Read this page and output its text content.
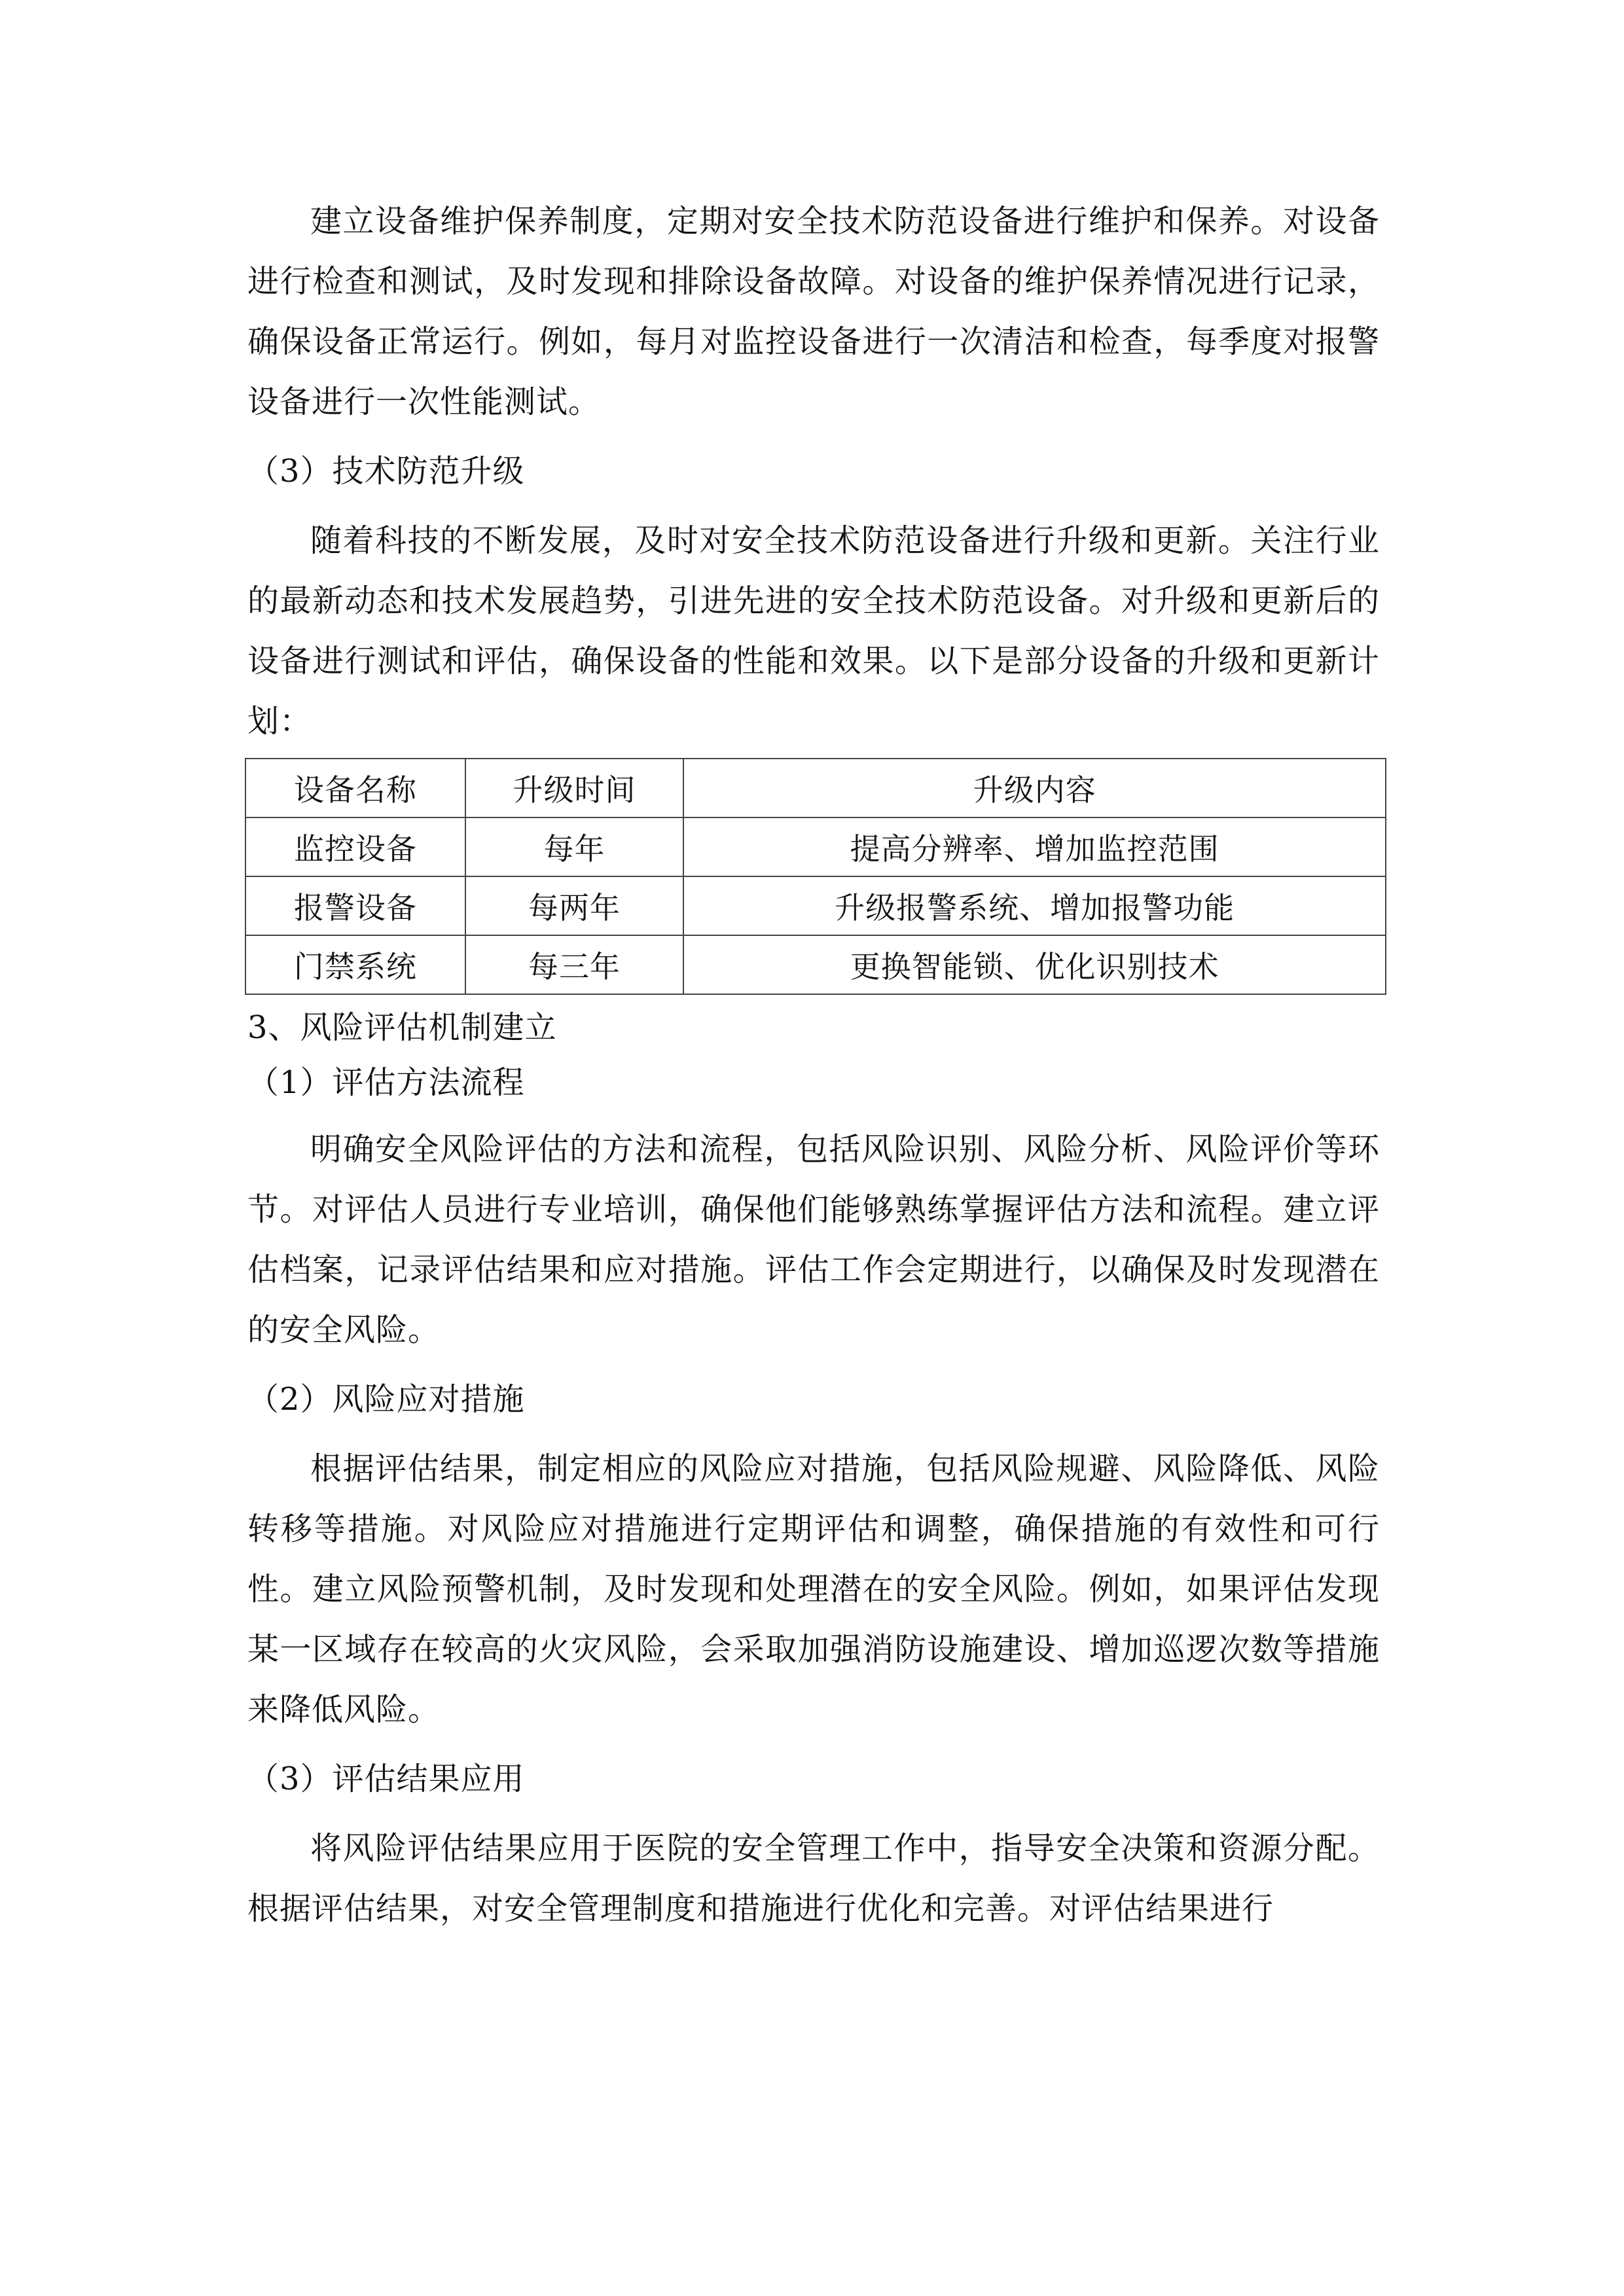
建立设备维护保养制度，定期对安全技术防范设备进行维护和保养。对设备进行检查和测试，及时发现和排除设备故障。对设备的维护保养情况进行记录，确保设备正常运行。例如，每月对监控设备进行一次清洁和检查，每季度对报警设备进行一次性能测试。

（3）技术防范升级

随着科技的不断发展，及时对安全技术防范设备进行升级和更新。关注行业的最新动态和技术发展趋势，引进先进的安全技术防范设备。对升级和更新后的设备进行测试和评估，确保设备的性能和效果。以下是部分设备的升级和更新计划：

设备名称	升级时间	升级内容
监控设备	每年	提高分辨率、增加监控范围
报警设备	每两年	升级报警系统、增加报警功能
门禁系统	每三年	更换智能锁、优化识别技术

3、风险评估机制建立

（1）评估方法流程

明确安全风险评估的方法和流程，包括风险识别、风险分析、风险评价等环节。对评估人员进行专业培训，确保他们能够熟练掌握评估方法和流程。建立评估档案，记录评估结果和应对措施。评估工作会定期进行，以确保及时发现潜在的安全风险。

（2）风险应对措施

根据评估结果，制定相应的风险应对措施，包括风险规避、风险降低、风险转移等措施。对风险应对措施进行定期评估和调整，确保措施的有效性和可行性。建立风险预警机制，及时发现和处理潜在的安全风险。例如，如果评估发现某一区域存在较高的火灾风险，会采取加强消防设施建设、增加巡逻次数等措施来降低风险。

（3）评估结果应用

将风险评估结果应用于医院的安全管理工作中，指导安全决策和资源分配。根据评估结果，对安全管理制度和措施进行优化和完善。对评估结果进行
